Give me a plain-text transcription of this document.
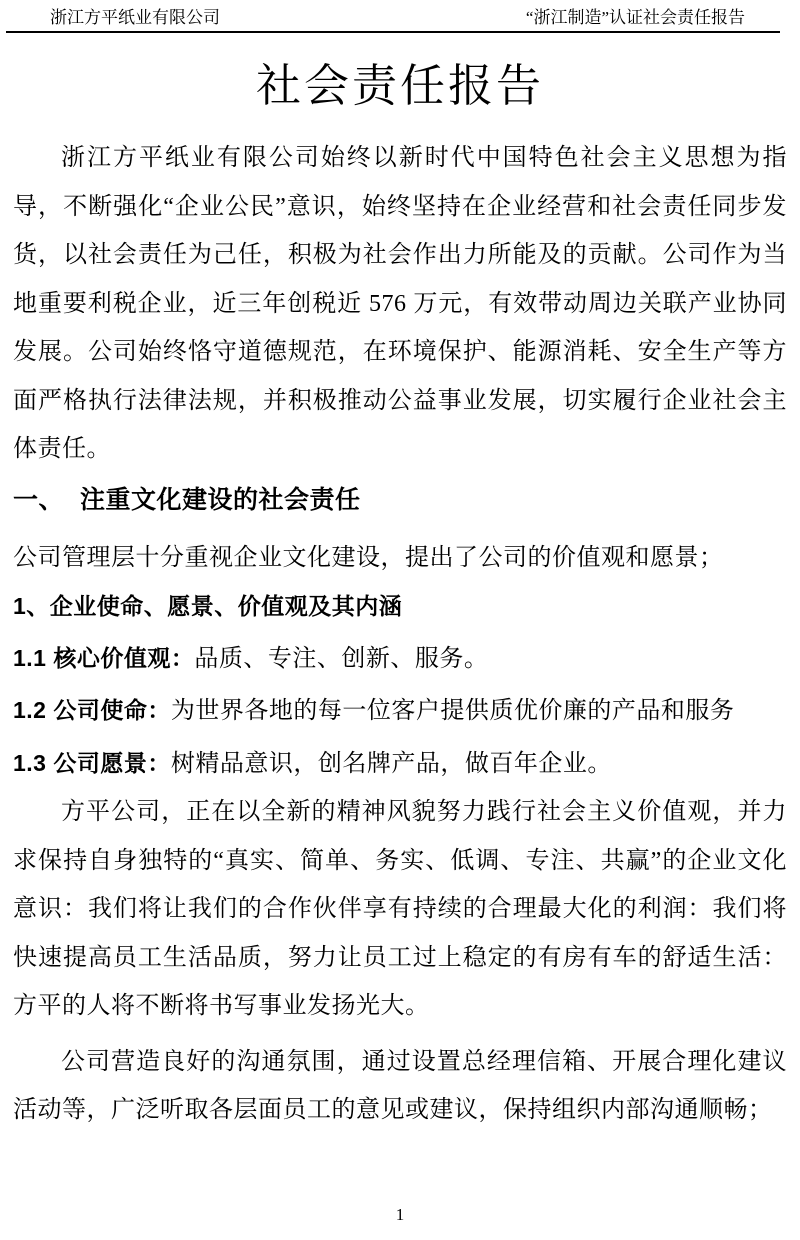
浙江方平纸业有限公司	“浙江制造”认证社会责任报告
社会责任报告

浙江方平纸业有限公司始终以新时代中国特色社会主义思想为指导，不断强化“企业公民”意识，始终坚持在企业经营和社会责任同步发货，以社会责任为己任，积极为社会作出力所能及的贡献。公司作为当地重要利税企业，近三年创税近 576 万元，有效带动周边关联产业协同发展。公司始终恪守道德规范，在环境保护、能源消耗、安全生产等方面严格执行法律法规，并积极推动公益事业发展，切实履行企业社会主体责任。

一、 注重文化建设的社会责任

公司管理层十分重视企业文化建设，提出了公司的价值观和愿景；

1、企业使命、愿景、价值观及其内涵

1.1 核心价值观：品质、专注、创新、服务。

1.2 公司使命：为世界各地的每一位客户提供质优价廉的产品和服务

1.3 公司愿景：树精品意识，创名牌产品，做百年企业。

方平公司，正在以全新的精神风貌努力践行社会主义价值观，并力求保持自身独特的“真实、简单、务实、低调、专注、共赢”的企业文化意识：我们将让我们的合作伙伴享有持续的合理最大化的利润：我们将快速提高员工生活品质，努力让员工过上稳定的有房有车的舒适生活：方平的人将不断将书写事业发扬光大。

公司营造良好的沟通氛围，通过设置总经理信箱、开展合理化建议活动等，广泛听取各层面员工的意见或建议，保持组织内部沟通顺畅；

1
